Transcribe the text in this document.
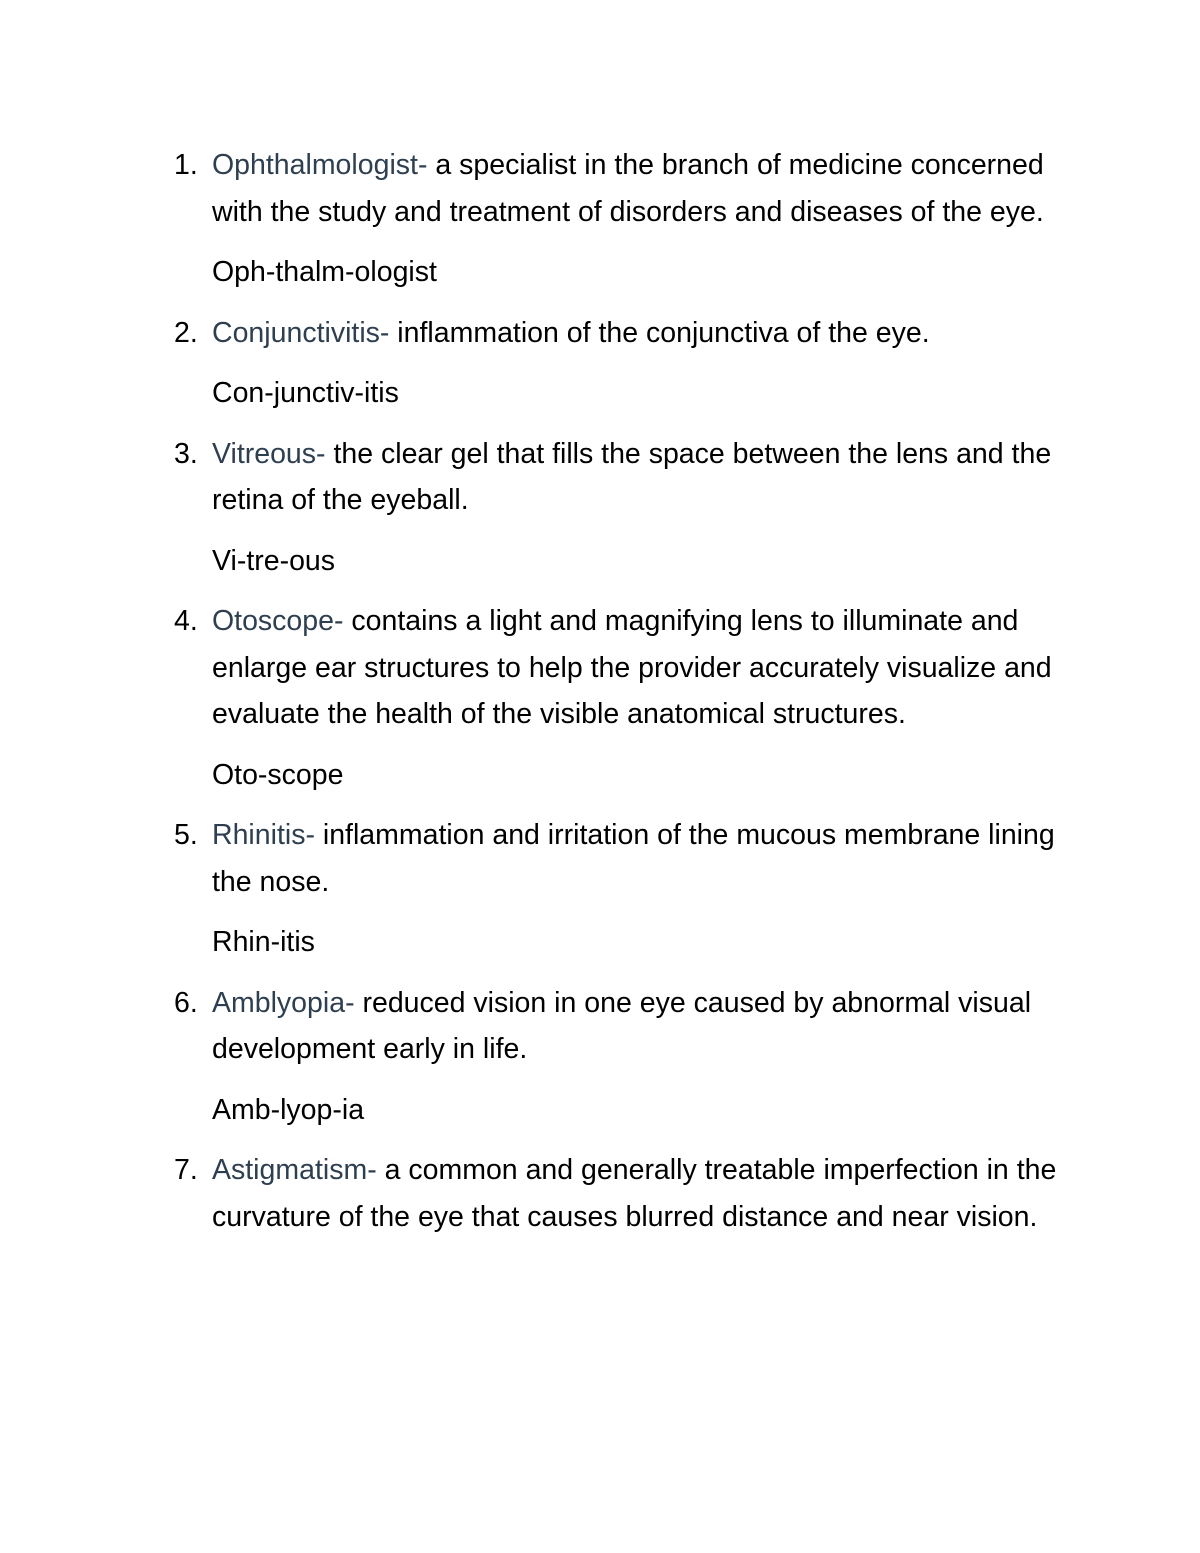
1. Ophthalmologist- a specialist in the branch of medicine concerned with the study and treatment of disorders and diseases of the eye.
Oph-thalm-ologist
2. Conjunctivitis- inflammation of the conjunctiva of the eye.
Con-junctiv-itis
3. Vitreous- the clear gel that fills the space between the lens and the retina of the eyeball.
Vi-tre-ous
4. Otoscope- contains a light and magnifying lens to illuminate and enlarge ear structures to help the provider accurately visualize and evaluate the health of the visible anatomical structures.
Oto-scope
5. Rhinitis- inflammation and irritation of the mucous membrane lining the nose.
Rhin-itis
6. Amblyopia- reduced vision in one eye caused by abnormal visual development early in life.
Amb-lyop-ia
7. Astigmatism- a common and generally treatable imperfection in the curvature of the eye that causes blurred distance and near vision.
